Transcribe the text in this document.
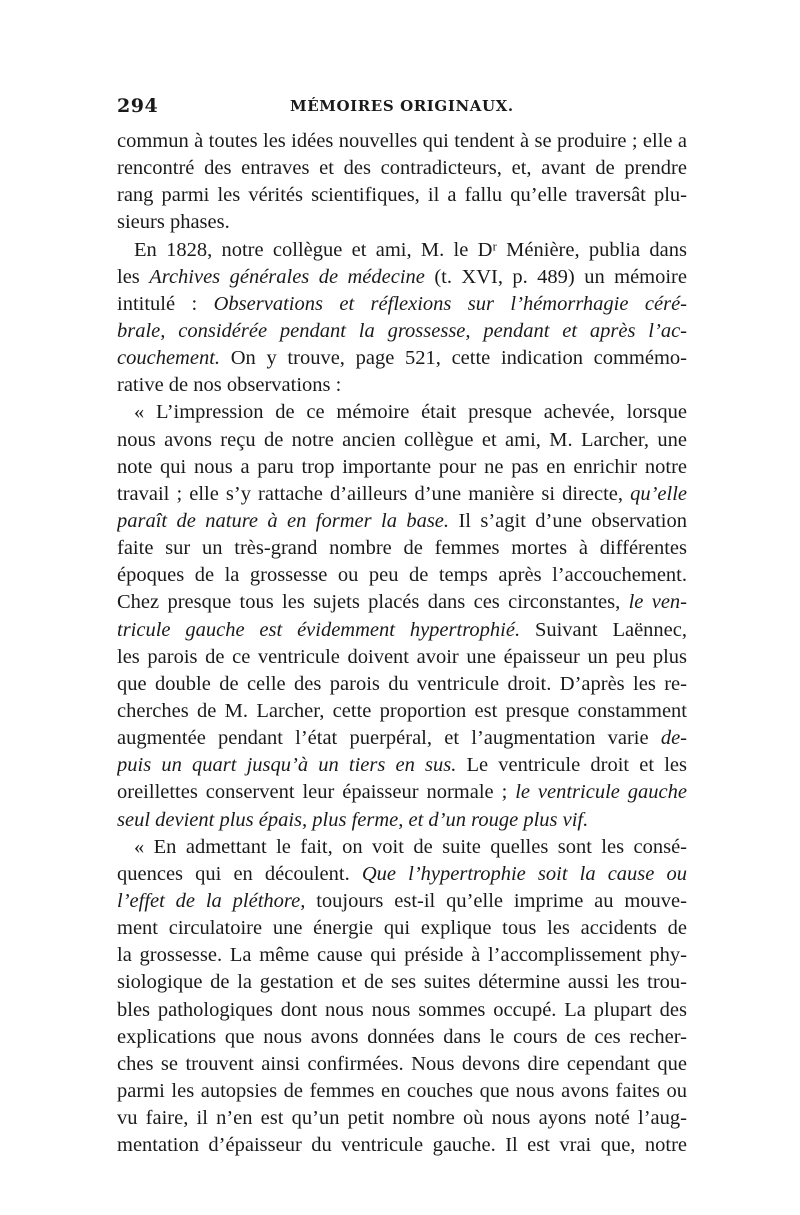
294	MÉMOIRES ORIGINAUX.
commun à toutes les idées nouvelles qui tendent à se produire ; elle a
rencontré des entraves et des contradicteurs, et, avant de prendre
rang parmi les vérités scientifiques, il a fallu qu’elle traversât plu-
sieurs phases.
En 1828, notre collègue et ami, M. le Dʳ Ménière, publia dans
les Archives générales de médecine (t. XVI, p. 489) un mémoire
intitulé : Observations et réflexions sur l’hémorrhagie céré-
brale, considérée pendant la grossesse, pendant et après l’ac-
couchement. On y trouve, page 521, cette indication commémo-
rative de nos observations :
« L’impression de ce mémoire était presque achevée, lorsque
nous avons reçu de notre ancien collègue et ami, M. Larcher, une
note qui nous a paru trop importante pour ne pas en enrichir notre
travail ; elle s’y rattache d’ailleurs d’une manière si directe, qu’elle
paraît de nature à en former la base. Il s’agit d’une observation
faite sur un très-grand nombre de femmes mortes à différentes
époques de la grossesse ou peu de temps après l’accouchement.
Chez presque tous les sujets placés dans ces circonstantes, le ven-
tricule gauche est évidemment hypertrophié. Suivant Laënnec,
les parois de ce ventricule doivent avoir une épaisseur un peu plus
que double de celle des parois du ventricule droit. D’après les re-
cherches de M. Larcher, cette proportion est presque constamment
augmentée pendant l’état puerpéral, et l’augmentation varie de-
puis un quart jusqu’à un tiers en sus. Le ventricule droit et les
oreillettes conservent leur épaisseur normale ; le ventricule gauche
seul devient plus épais, plus ferme, et d’un rouge plus vif.
« En admettant le fait, on voit de suite quelles sont les consé-
quences qui en découlent. Que l’hypertrophie soit la cause ou
l’effet de la pléthore, toujours est-il qu’elle imprime au mouve-
ment circulatoire une énergie qui explique tous les accidents de
la grossesse. La même cause qui préside à l’accomplissement phy-
siologique de la gestation et de ses suites détermine aussi les trou-
bles pathologiques dont nous nous sommes occupé. La plupart des
explications que nous avons données dans le cours de ces recher-
ches se trouvent ainsi confirmées. Nous devons dire cependant que
parmi les autopsies de femmes en couches que nous avons faites ou
vu faire, il n’en est qu’un petit nombre où nous ayons noté l’aug-
mentation d’épaisseur du ventricule gauche. Il est vrai que, notre
